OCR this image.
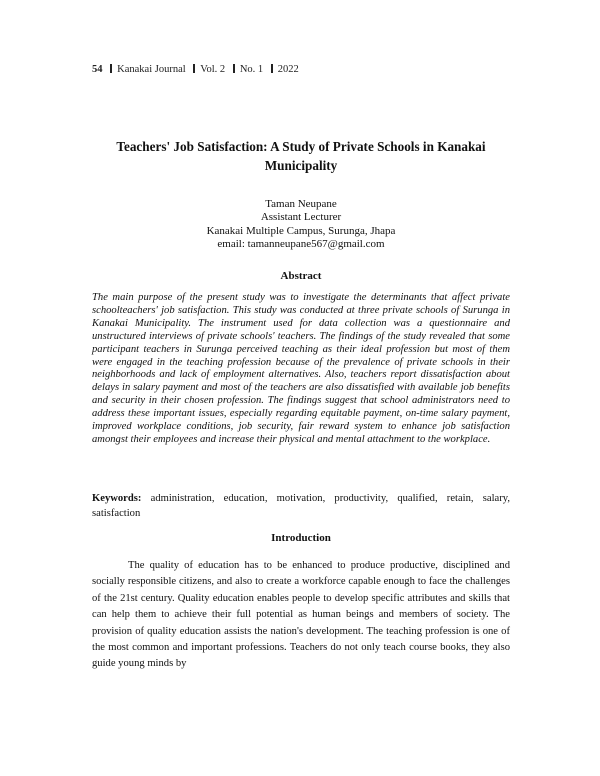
54 Kanakai Journal Vol. 2 No. 1 2022
Teachers' Job Satisfaction: A Study of Private Schools in Kanakai Municipality
Taman Neupane
Assistant Lecturer
Kanakai Multiple Campus, Surunga, Jhapa
email: tamanneupane567@gmail.com
Abstract
The main purpose of the present study was to investigate the determinants that affect private schoolteachers' job satisfaction. This study was conducted at three private schools of Surunga in Kanakai Municipality. The instrument used for data collection was a questionnaire and unstructured interviews of private schools' teachers. The findings of the study revealed that some participant teachers in Surunga perceived teaching as their ideal profession but most of them were engaged in the teaching profession because of the prevalence of private schools in their neighborhoods and lack of employment alternatives. Also, teachers report dissatisfaction about delays in salary payment and most of the teachers are also dissatisfied with available job benefits and security in their chosen profession. The findings suggest that school administrators need to address these important issues, especially regarding equitable payment, on-time salary payment, improved workplace conditions, job security, fair reward system to enhance job satisfaction amongst their employees and increase their physical and mental attachment to the workplace.
Keywords: administration, education, motivation, productivity, qualified, retain, salary, satisfaction
Introduction
The quality of education has to be enhanced to produce productive, disciplined and socially responsible citizens, and also to create a workforce capable enough to face the challenges of the 21st century. Quality education enables people to develop specific attributes and skills that can help them to achieve their full potential as human beings and members of society. The provision of quality education assists the nation's development. The teaching profession is one of the most common and important professions. Teachers do not only teach course books, they also guide young minds by
